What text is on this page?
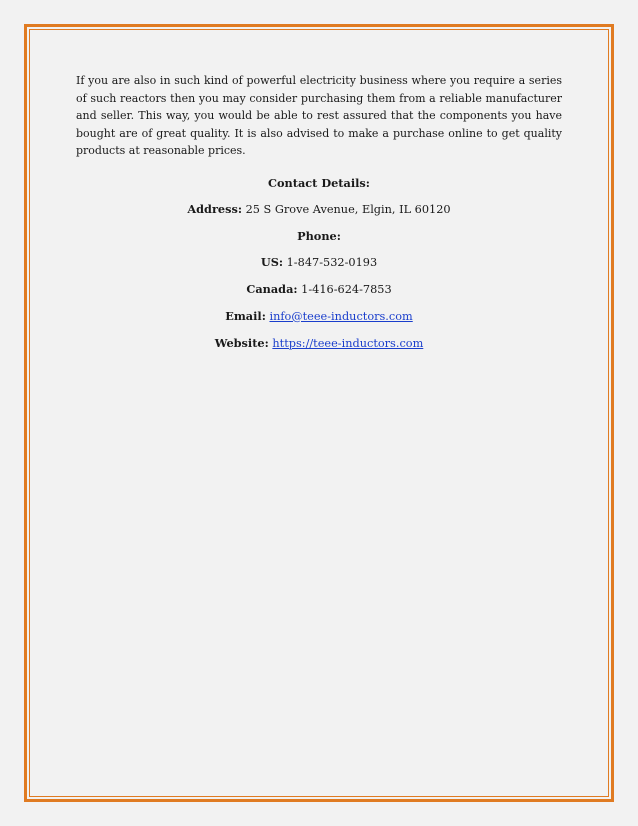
If you are also in such kind of powerful electricity business where you require a series of such reactors then you may consider purchasing them from a reliable manufacturer and seller. This way, you would be able to rest assured that the components you have bought are of great quality. It is also advised to make a purchase online to get quality products at reasonable prices.

Contact Details:

Address: 25 S Grove Avenue, Elgin, IL 60120

Phone:

US: 1-847-532-0193

Canada: 1-416-624-7853

Email: info@teee-inductors.com

Website: https://teee-inductors.com
